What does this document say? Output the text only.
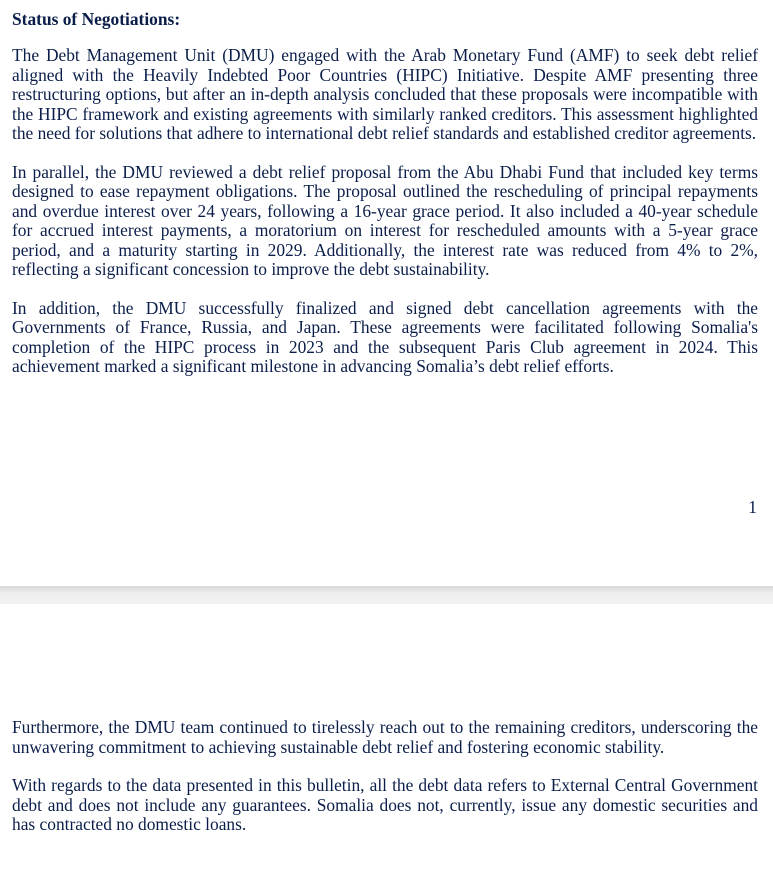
Status of Negotiations:

The Debt Management Unit (DMU) engaged with the Arab Monetary Fund (AMF) to seek debt relief aligned with the Heavily Indebted Poor Countries (HIPC) Initiative. Despite AMF presenting three restructuring options, but after an in-depth analysis concluded that these proposals were incompatible with the HIPC framework and existing agreements with similarly ranked creditors. This assessment highlighted the need for solutions that adhere to international debt relief standards and established creditor agreements.

In parallel, the DMU reviewed a debt relief proposal from the Abu Dhabi Fund that included key terms designed to ease repayment obligations. The proposal outlined the rescheduling of principal repayments and overdue interest over 24 years, following a 16-year grace period. It also included a 40-year schedule for accrued interest payments, a moratorium on interest for rescheduled amounts with a 5-year grace period, and a maturity starting in 2029. Additionally, the interest rate was reduced from 4% to 2%, reflecting a significant concession to improve the debt sustainability.

In addition, the DMU successfully finalized and signed debt cancellation agreements with the Governments of France, Russia, and Japan. These agreements were facilitated following Somalia's completion of the HIPC process in 2023 and the subsequent Paris Club agreement in 2024. This achievement marked a significant milestone in advancing Somalia’s debt relief efforts.

1

Furthermore, the DMU team continued to tirelessly reach out to the remaining creditors, underscoring the unwavering commitment to achieving sustainable debt relief and fostering economic stability.

With regards to the data presented in this bulletin, all the debt data refers to External Central Government debt and does not include any guarantees. Somalia does not, currently, issue any domestic securities and has contracted no domestic loans.
